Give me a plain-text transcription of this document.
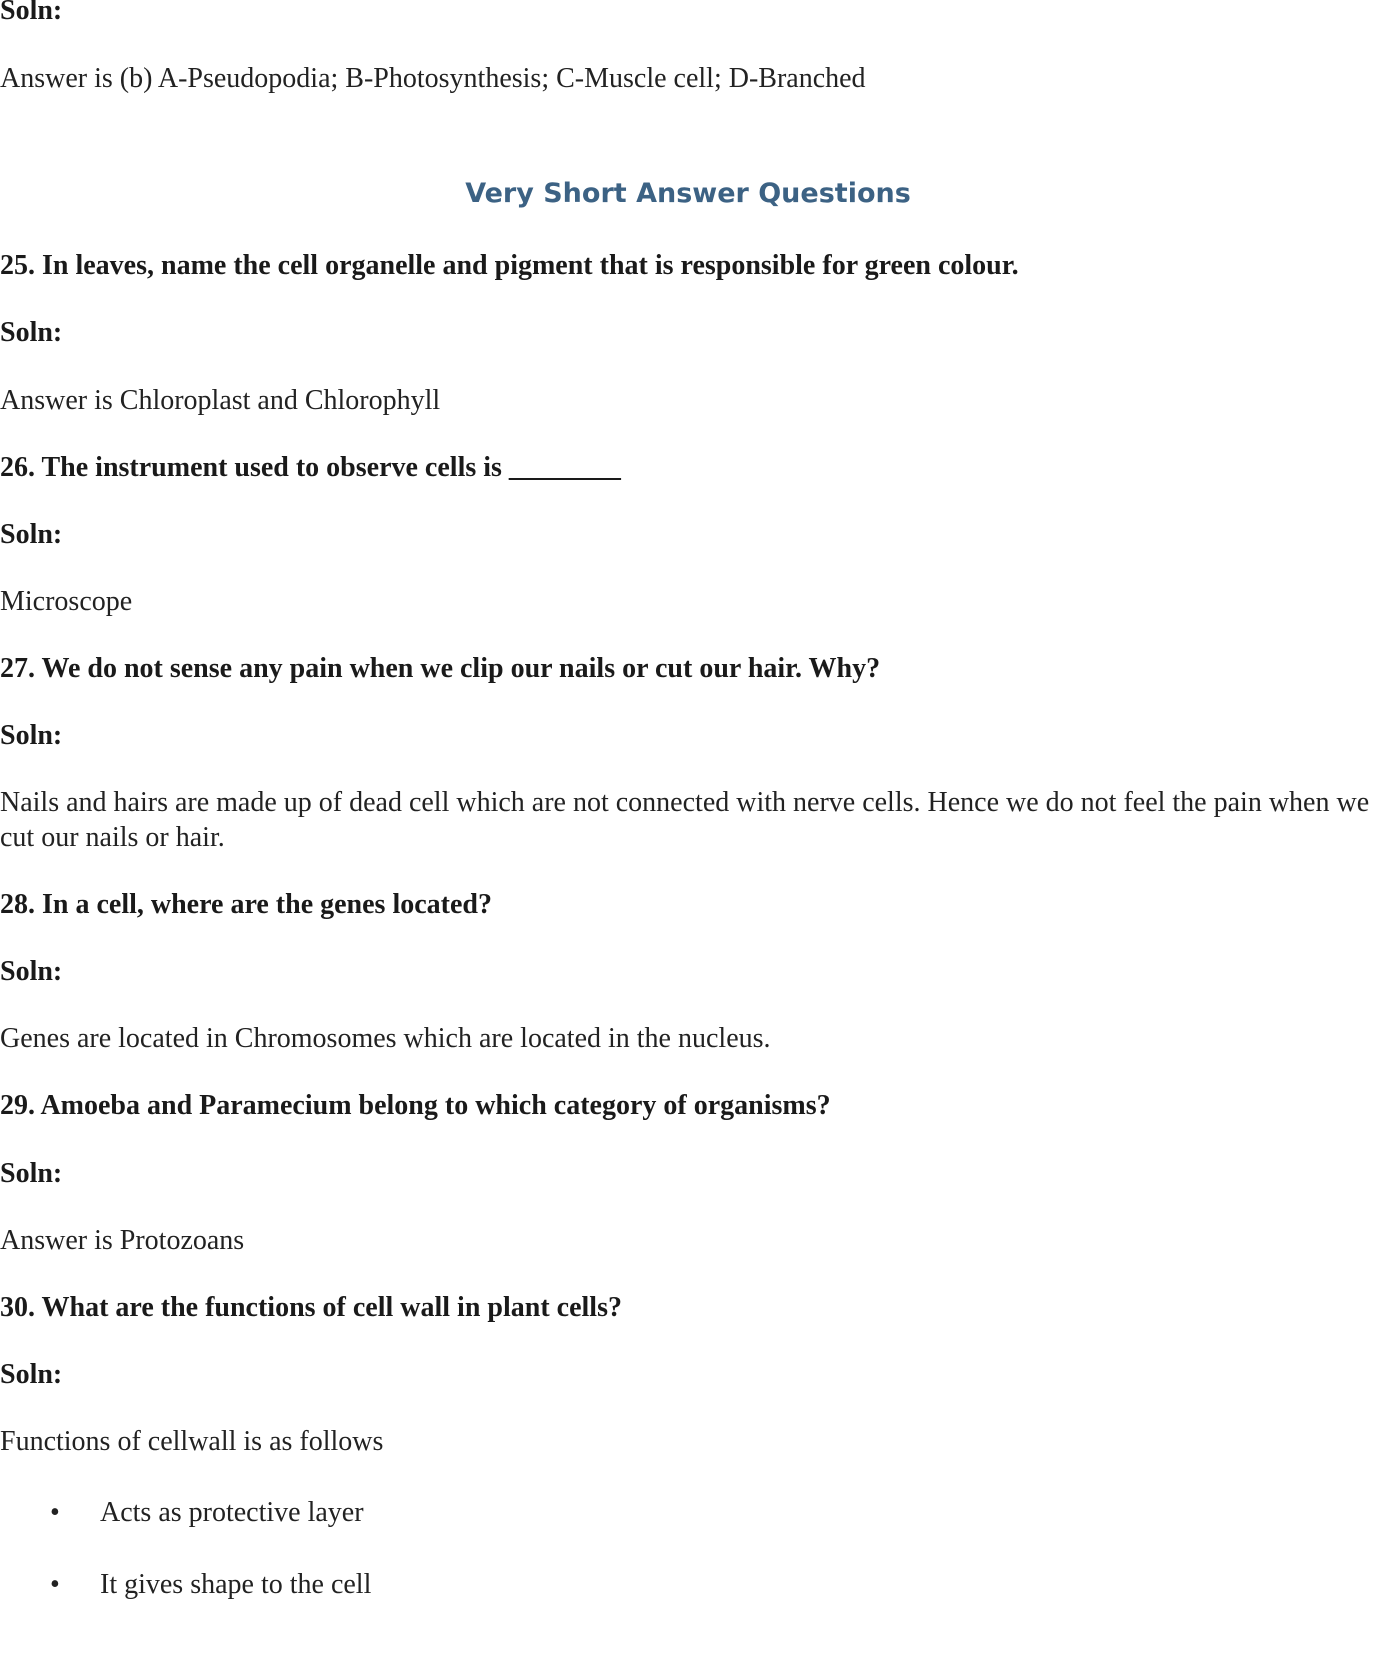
Soln:
Answer is (b) A-Pseudopodia; B-Photosynthesis; C-Muscle cell; D-Branched
Very Short Answer Questions
25. In leaves, name the cell organelle and pigment that is responsible for green colour.
Soln:
Answer is Chloroplast and Chlorophyll
26. The instrument used to observe cells is ________
Soln:
Microscope
27. We do not sense any pain when we clip our nails or cut our hair. Why?
Soln:
Nails and hairs are made up of dead cell which are not connected with nerve cells. Hence we do not feel the pain when we cut our nails or hair.
28. In a cell, where are the genes located?
Soln:
Genes are located in Chromosomes which are located in the nucleus.
29. Amoeba and Paramecium belong to which category of organisms?
Soln:
Answer is Protozoans
30. What are the functions of cell wall in plant cells?
Soln:
Functions of cellwall is as follows
• Acts as protective layer
• It gives shape to the cell
